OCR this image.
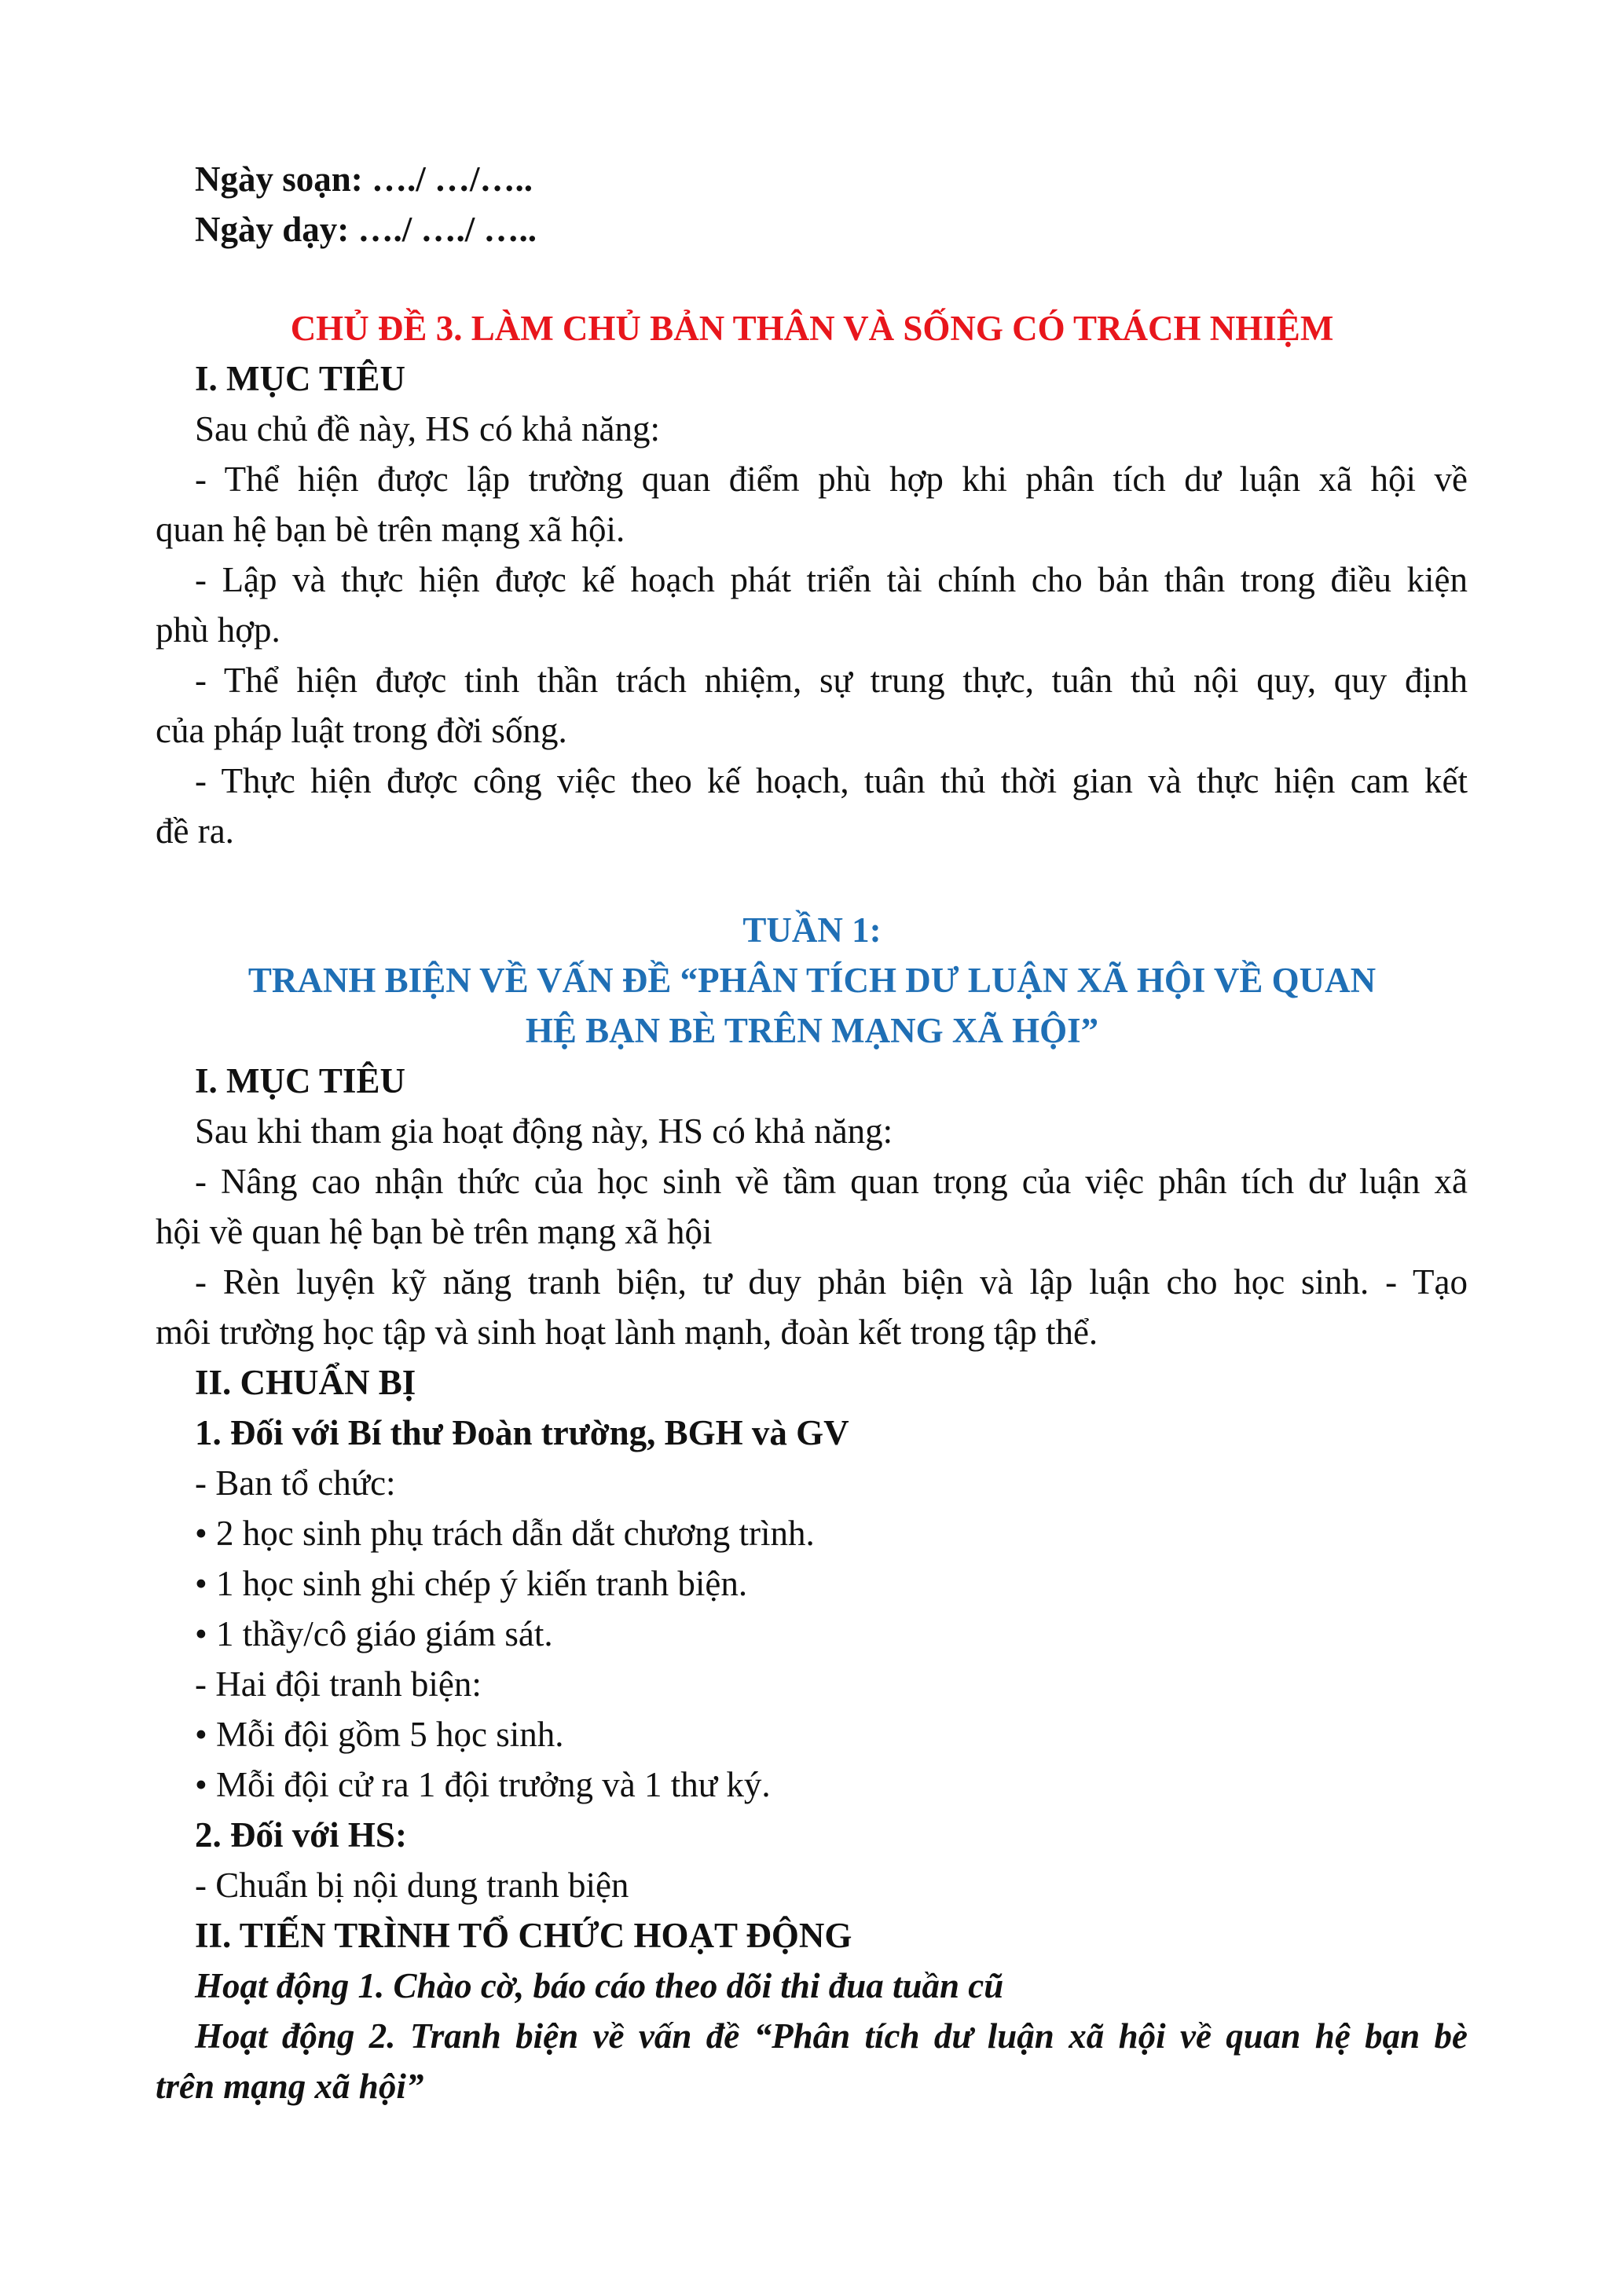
Ngày soạn: …./ …/…..
Ngày dạy: …./ …./ …..
CHỦ ĐỀ 3. LÀM CHỦ BẢN THÂN VÀ SỐNG CÓ TRÁCH NHIỆM
I. MỤC TIÊU
Sau chủ đề này, HS có khả năng:
- Thể hiện được lập trường quan điểm phù hợp khi phân tích dư luận xã hội về
quan hệ bạn bè trên mạng xã hội.
- Lập và thực hiện được kế hoạch phát triển tài chính cho bản thân trong điều kiện
phù hợp.
- Thể hiện được tinh thần trách nhiệm, sự trung thực, tuân thủ nội quy, quy định
của pháp luật trong đời sống.
- Thực hiện được công việc theo kế hoạch, tuân thủ thời gian và thực hiện cam kết
đề ra.
TUẦN 1:
TRANH BIỆN VỀ VẤN ĐỀ “PHÂN TÍCH DƯ LUẬN XÃ HỘI VỀ QUAN
HỆ BẠN BÈ TRÊN MẠNG XÃ HỘI”
I. MỤC TIÊU
Sau khi tham gia hoạt động này, HS có khả năng:
- Nâng cao nhận thức của học sinh về tầm quan trọng của việc phân tích dư luận xã
hội về quan hệ bạn bè trên mạng xã hội
- Rèn luyện kỹ năng tranh biện, tư duy phản biện và lập luận cho học sinh. - Tạo
môi trường học tập và sinh hoạt lành mạnh, đoàn kết trong tập thể.
II. CHUẨN BỊ
1. Đối với Bí thư Đoàn trường, BGH và GV
- Ban tổ chức:
• 2 học sinh phụ trách dẫn dắt chương trình.
• 1 học sinh ghi chép ý kiến tranh biện.
• 1 thầy/cô giáo giám sát.
- Hai đội tranh biện:
• Mỗi đội gồm 5 học sinh.
• Mỗi đội cử ra 1 đội trưởng và 1 thư ký.
2. Đối với HS:
- Chuẩn bị nội dung tranh biện
II. TIẾN TRÌNH TỔ CHỨC HOẠT ĐỘNG
Hoạt động 1. Chào cờ, báo cáo theo dõi thi đua tuần cũ
Hoạt động 2. Tranh biện về vấn đề “Phân tích dư luận xã hội về quan hệ bạn bè
trên mạng xã hội”
